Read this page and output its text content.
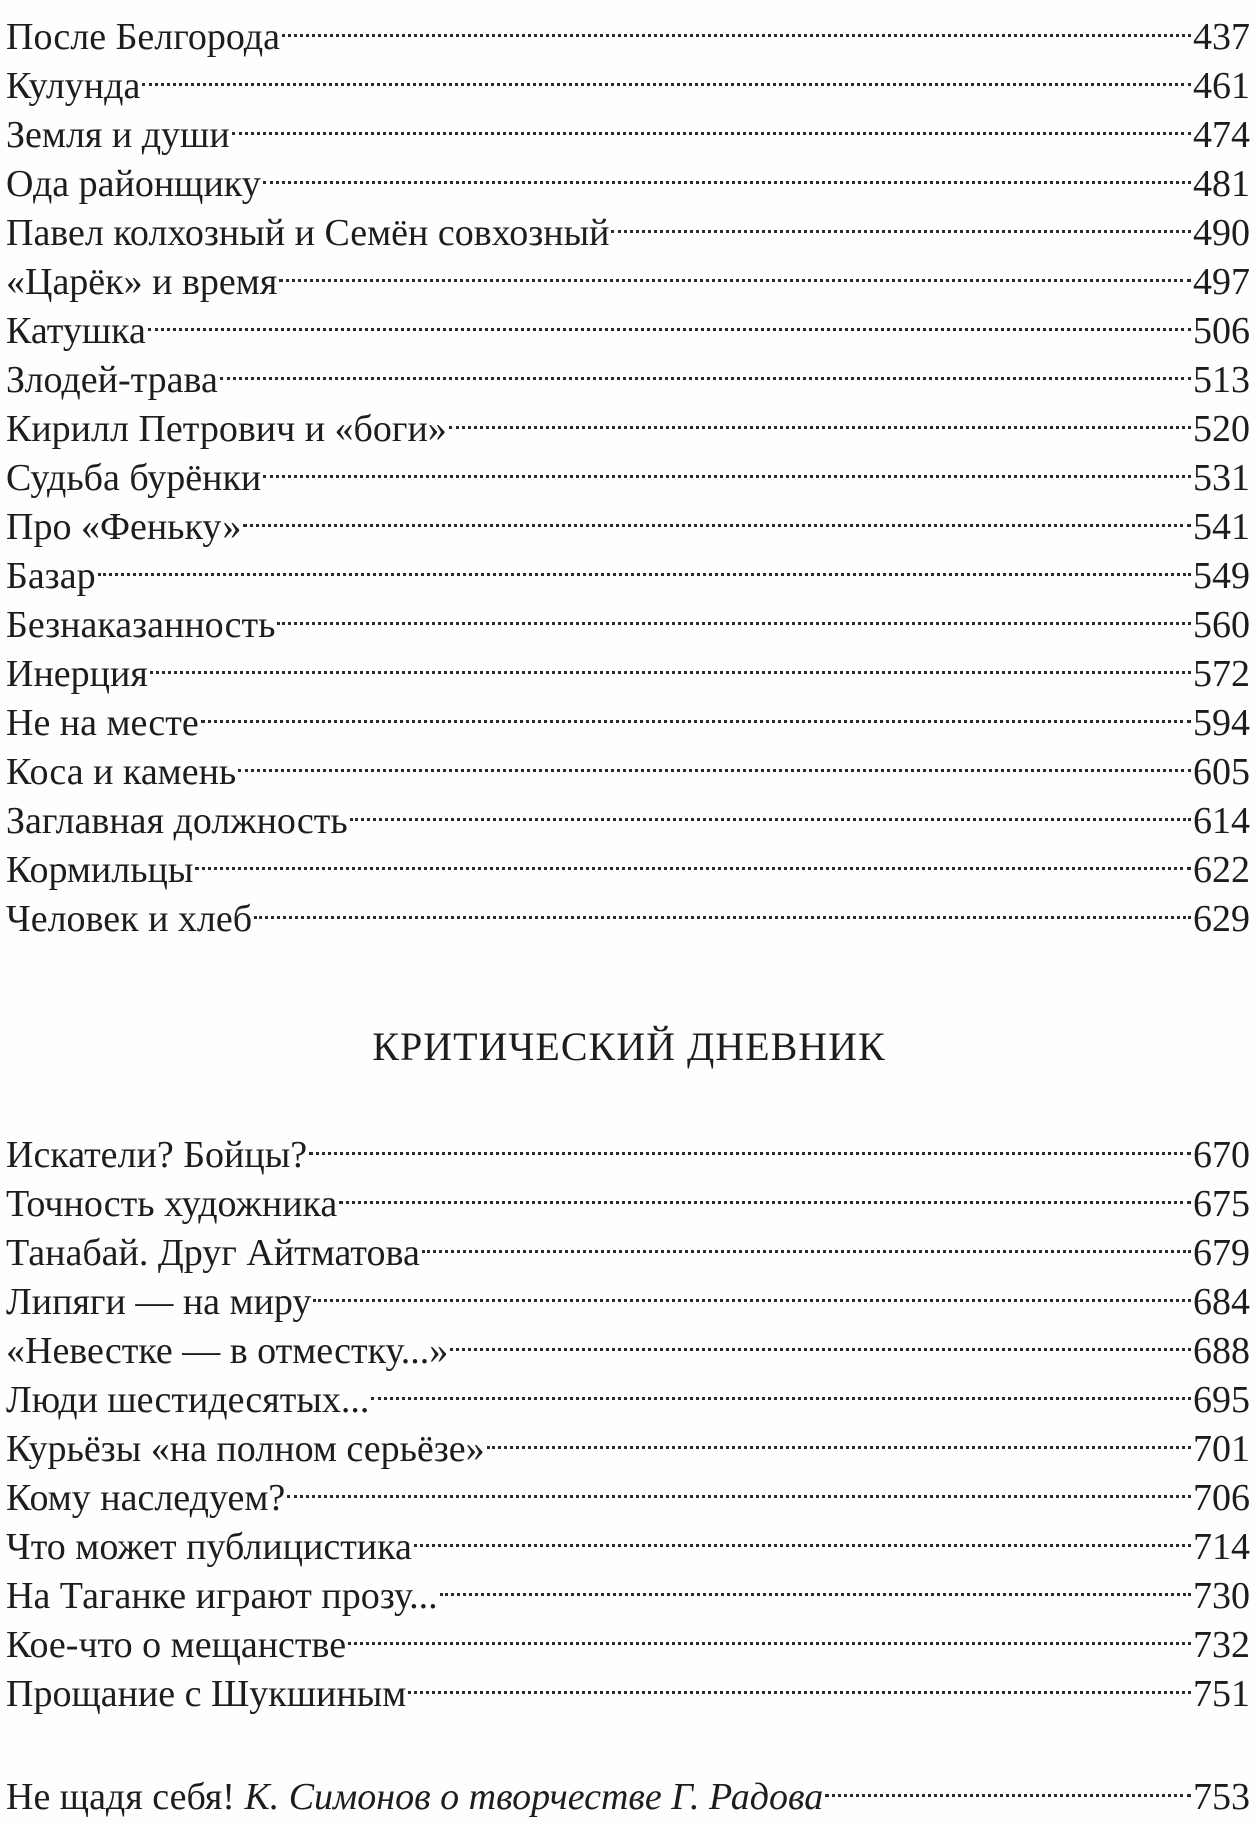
После Белгорода	437
Кулунда	461
Земля и души	474
Ода районщику	481
Павел колхозный и Семён совхозный	490
«Царёк» и время	497
Катушка	506
Злодей-трава	513
Кирилл Петрович и «боги»	520
Судьба бурёнки	531
Про «Феньку»	541
Базар	549
Безнаказанность	560
Инерция	572
Не на месте	594
Коса и камень	605
Заглавная должность	614
Кормильцы	622
Человек и хлеб	629
КРИТИЧЕСКИЙ ДНЕВНИК
Искатели? Бойцы?	670
Точность художника	675
Танабай. Друг Айтматова	679
Липяги — на миру	684
«Невестке — в отместку...»	688
Люди шестидесятых...	695
Курьёзы «на полном серьёзе»	701
Кому наследуем?	706
Что может публицистика	714
На Таганке играют прозу...	730
Кое-что о мещанстве	732
Прощание с Шукшиным	751
Не щадя себя! К. Симонов о творчестве Г. Радова	753
